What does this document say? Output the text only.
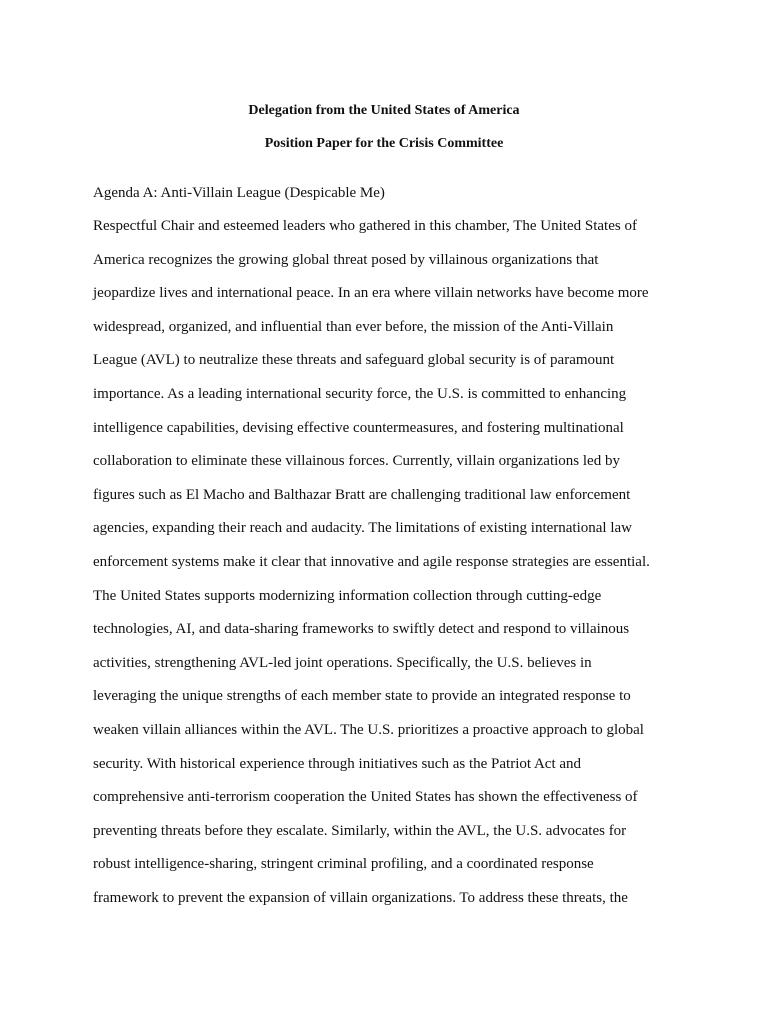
Delegation from the United States of America
Position Paper for the Crisis Committee

Agenda A: Anti-Villain League (Despicable Me)

Respectful Chair and esteemed leaders who gathered in this chamber, The United States of
America recognizes the growing global threat posed by villainous organizations that
jeopardize lives and international peace. In an era where villain networks have become more
widespread, organized, and influential than ever before, the mission of the Anti-Villain
League (AVL) to neutralize these threats and safeguard global security is of paramount
importance. As a leading international security force, the U.S. is committed to enhancing
intelligence capabilities, devising effective countermeasures, and fostering multinational
collaboration to eliminate these villainous forces. Currently, villain organizations led by
figures such as El Macho and Balthazar Bratt are challenging traditional law enforcement
agencies, expanding their reach and audacity. The limitations of existing international law
enforcement systems make it clear that innovative and agile response strategies are essential.
The United States supports modernizing information collection through cutting-edge
technologies, AI, and data-sharing frameworks to swiftly detect and respond to villainous
activities, strengthening AVL-led joint operations. Specifically, the U.S. believes in
leveraging the unique strengths of each member state to provide an integrated response to
weaken villain alliances within the AVL. The U.S. prioritizes a proactive approach to global
security. With historical experience through initiatives such as the Patriot Act and
comprehensive anti-terrorism cooperation the United States has shown the effectiveness of
preventing threats before they escalate. Similarly, within the AVL, the U.S. advocates for
robust intelligence-sharing, stringent criminal profiling, and a coordinated response
framework to prevent the expansion of villain organizations. To address these threats, the
